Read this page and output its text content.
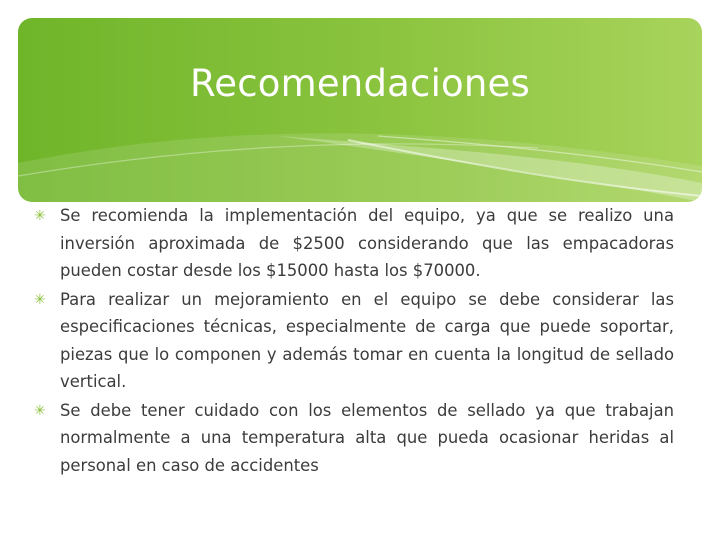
Recomendaciones
✳ Se recomienda la implementación del equipo, ya que se realizo una inversión aproximada de $2500 considerando que las empacadoras pueden costar desde los $15000 hasta los $70000.
✳ Para realizar un mejoramiento en el equipo se debe considerar las especificaciones técnicas, especialmente de carga que puede soportar, piezas que lo componen y además tomar en cuenta la longitud de sellado vertical.
✳ Se debe tener cuidado con los elementos de sellado ya que trabajan normalmente a una temperatura alta que pueda ocasionar heridas al personal en caso de accidentes
